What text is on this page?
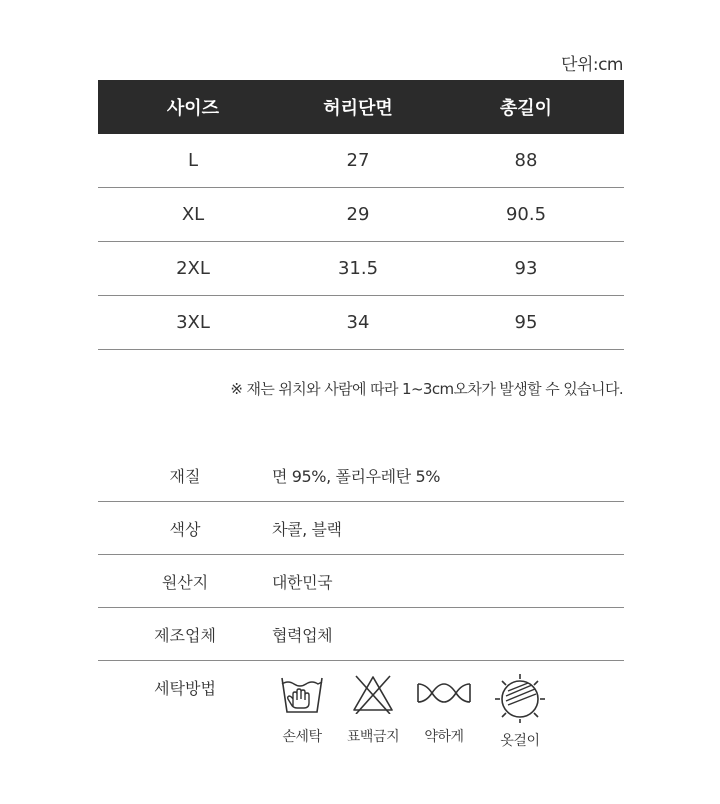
단위:cm
사이즈	허리단면	총길이
L	27	88
XL	29	90.5
2XL	31.5	93
3XL	34	95
※ 재는 위치와 사람에 따라 1~3cm오차가 발생할 수 있습니다.
재질	면 95%, 폴리우레탄 5%
색상	차콜, 블랙
원산지	대한민국
제조업체	협력업체
세탁방법
손세탁	표백금지	약하게	옷걸이
